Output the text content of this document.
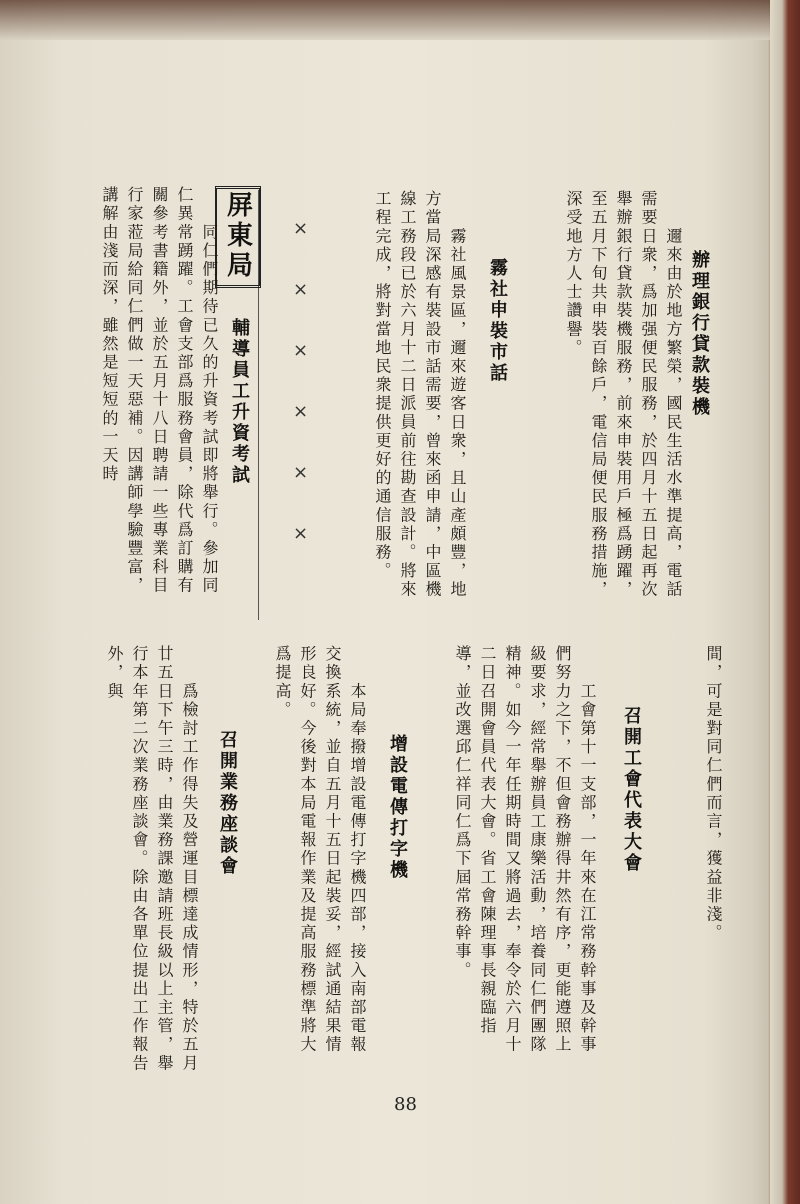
辦理銀行貸款裝機
　　邇來由於地方繁榮，國民生活水準提高，電話需要日衆，爲加强便民服務，於四月十五日起再次舉辦銀行貸款裝機服務，前來申裝用戶極爲踴躍，至五月下旬共申裝百餘戶，電信局便民服務措施，深受地方人士讚譽。
霧社申裝市話
　　霧社風景區，邇來遊客日衆，且山產頗豐，地方當局深感有裝設市話需要，曾來函申請，中區機線工務段已於六月十二日派員前往勘查設計。將來工程完成，將對當地民衆提供更好的通信服務。
××××××
屏東局
輔導員工升資考試
　　同仁們期待已久的升資考試即將舉行。參加同仁異常踴躍。工會支部爲服務會員，除代爲訂購有關參考書籍外，並於五月十八日聘請一些專業科目行家蒞局給同仁們做一天惡補。因講師學驗豐富，講解由淺而深，雖然是短短的一天時
間，可是對同仁們而言，獲益非淺。
召開工會代表大會
　　工會第十一支部，一年來在江常務幹事及幹事們努力之下，不但會務辦得井然有序，更能遵照上級要求，經常舉辦員工康樂活動，培養同仁們團隊精神。如今一年任期時間又將過去，奉令於六月十二日召開會員代表大會。省工會陳理事長親臨指導，並改選邱仁祥同仁爲下屆常務幹事。
增設電傳打字機
　　本局奉撥增設電傳打字機四部，接入南部電報交換系統，並自五月十五日起裝妥，經試通結果情形良好。今後對本局電報作業及提高服務標準將大爲提高。
召開業務座談會
　　爲檢討工作得失及營運目標達成情形，特於五月廿五日下午三時，由業務課邀請班長級以上主管，舉行本年第二次業務座談會。除由各單位提出工作報告外，與
88
